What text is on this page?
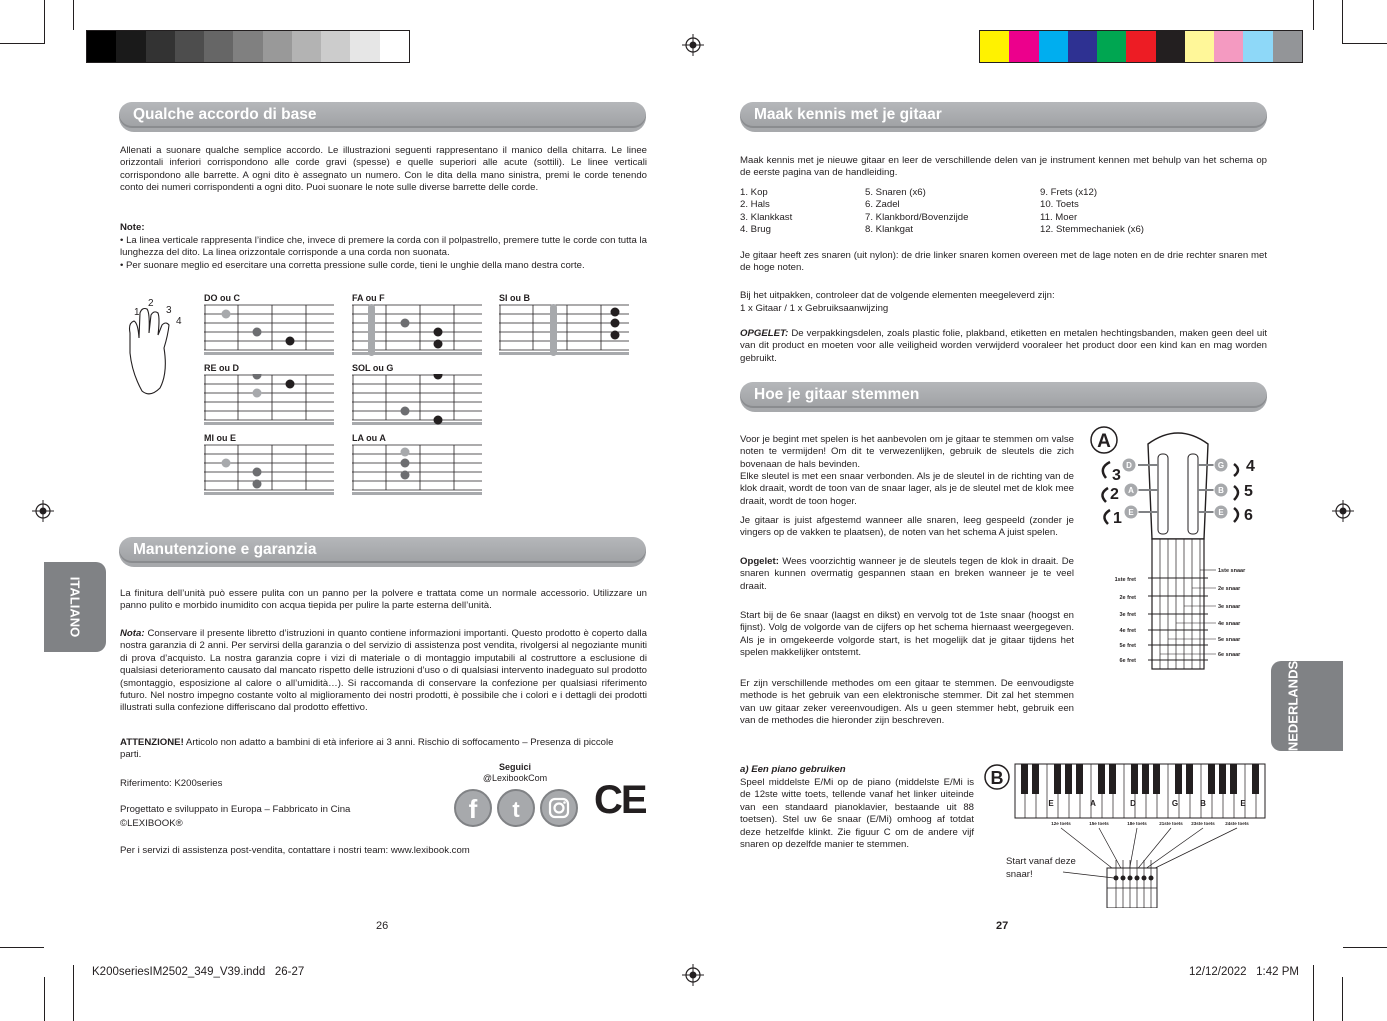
Qualche accordo di base
Allenati a suonare qualche semplice accordo. Le illustrazioni seguenti rappresentano il manico della chitarra. Le linee orizzontali inferiori corrispondono alle corde gravi (spesse) e quelle superiori alle acute (sottili). Le linee verticali corrispondono alle barrette. A ogni dito è assegnato un numero. Con le dita della mano sinistra, premi le corde tenendo conto dei numeri corrispondenti a ogni dito. Puoi suonare le note sulle diverse barrette delle corde.
Note:
• La linea verticale rappresenta l’indice che, invece di premere la corda con il polpastrello, premere tutte le corde con tutta la lunghezza del dito. La linea orizzontale corrisponde a una corda non suonata.
• Per suonare meglio ed esercitare una corretta pressione sulle corde, tieni le unghie della mano destra corte.
1
2
3
4
DO ou C	FA ou F	SI ou B
RE ou D	SOL ou G
MI ou E	LA ou A
Manutenzione e garanzia
La finitura dell’unità può essere pulita con un panno per la polvere e trattata come un normale accessorio. Utilizzare un panno pulito e morbido inumidito con acqua tiepida per pulire la parte esterna dell’unità.
Nota: Conservare il presente libretto d’istruzioni in quanto contiene informazioni importanti. Questo prodotto è coperto dalla nostra garanzia di 2 anni. Per servirsi della garanzia o del servizio di assistenza post vendita, rivolgersi al negoziante muniti di prova d’acquisto. La nostra garanzia copre i vizi di materiale o di montaggio imputabili al costruttore a esclusione di qualsiasi deterioramento causato dal mancato rispetto delle istruzioni d’uso o di qualsiasi intervento inadeguato sul prodotto (smontaggio, esposizione al calore o all’umidità…). Si raccomanda di conservare la confezione per qualsiasi riferimento futuro. Nel nostro impegno costante volto al miglioramento dei nostri prodotti, è possibile che i colori e i dettagli dei prodotti illustrati sulla confezione differiscano dal prodotto effettivo.
ATTENZIONE! Articolo non adatto a bambini di età inferiore ai 3 anni. Rischio di soffocamento – Presenza di piccole parti.
Riferimento: K200series
Progettato e sviluppato in Europa – Fabbricato in Cina
©LEXIBOOK®
Per i servizi di assistenza post-vendita, contattare i nostri team: www.lexibook.com
Seguici
@LexibookCom
f t CE
ITALIANO
26
Maak kennis met je gitaar
Maak kennis met je nieuwe gitaar en leer de verschillende delen van je instrument kennen met behulp van het schema op de eerste pagina van de handleiding.
1. Kop
2. Hals
3. Klankkast
4. Brug
5. Snaren (x6)
6. Zadel
7. Klankbord/Bovenzijde
8. Klankgat
9. Frets (x12)
10. Toets
11. Moer
12. Stemmechaniek (x6)
Je gitaar heeft zes snaren (uit nylon): de drie linker snaren komen overeen met de lage noten en de drie rechter snaren met de hoge noten.
Bij het uitpakken, controleer dat de volgende elementen meegeleverd zijn:
1 x Gitaar / 1 x Gebruiksaanwijzing
OPGELET: De verpakkingsdelen, zoals plastic folie, plakband, etiketten en metalen hechtingsbanden, maken geen deel uit van dit product en moeten voor alle veiligheid worden verwijderd vooraleer het product door een kind kan en mag worden gebruikt.
Hoe je gitaar stemmen
Voor je begint met spelen is het aanbevolen om je gitaar te stemmen om valse noten te vermijden! Om dit te verwezenlijken, gebruik de sleutels die zich bovenaan de hals bevinden.
Elke sleutel is met een snaar verbonden. Als je de sleutel in de richting van de klok draait, wordt de toon van de snaar lager, als je de sleutel met de klok mee draait, wordt de toon hoger.
Je gitaar is juist afgestemd wanneer alle snaren, leeg gespeeld (zonder je vingers op de vakken te plaatsen), de noten van het schema A juist spelen.
Opgelet: Wees voorzichtig wanneer je de sleutels tegen de klok in draait. De snaren kunnen overmatig gespannen staan en breken wanneer je te veel draait.
Start bij de 6e snaar (laagst en dikst) en vervolg tot de 1ste snaar (hoogst en fijnst). Volg de volgorde van de cijfers op het schema hiernaast weergegeven. Als je in omgekeerde volgorde start, is het mogelijk dat je gitaar tijdens het spelen makkelijker ontstemt.
Er zijn verschillende methodes om een gitaar te stemmen. De eenvoudigste methode is het gebruik van een elektronische stemmer. Dit zal het stemmen van uw gitaar zeker vereenvoudigen. Als u geen stemmer hebt, gebruik een van de methodes die hieronder zijn beschreven.
a) Een piano gebruiken
Speel middelste E/Mi op de piano (middelste E/Mi is de 12ste witte toets, tellende vanaf het linker uiteinde van een standaard pianoklavier, bestaande uit 88 toetsen). Stel uw 6e snaar (E/Mi) omhoog af totdat deze hetzelfde klinkt. Zie figuur C om de andere vijf snaren op dezelfde manier te stemmen.
A
D
A
E
G
B
E
3
2
1
4
5
6
1ste fret
2e fret
3e fret
4e fret
5e fret
6e fret
1ste snaar
2e snaar
3e snaar
4e snaar
5e snaar
6e snaar
B
E	A	D	G	B	E
12e toets	15e toets	18e toets	21ste toets 23ste toets 24ste toets
Start vanaf deze snaar!
NEDERLANDS
27
K200seriesIM2502_349_V39.indd   26-27	12/12/2022   1:42 PM
